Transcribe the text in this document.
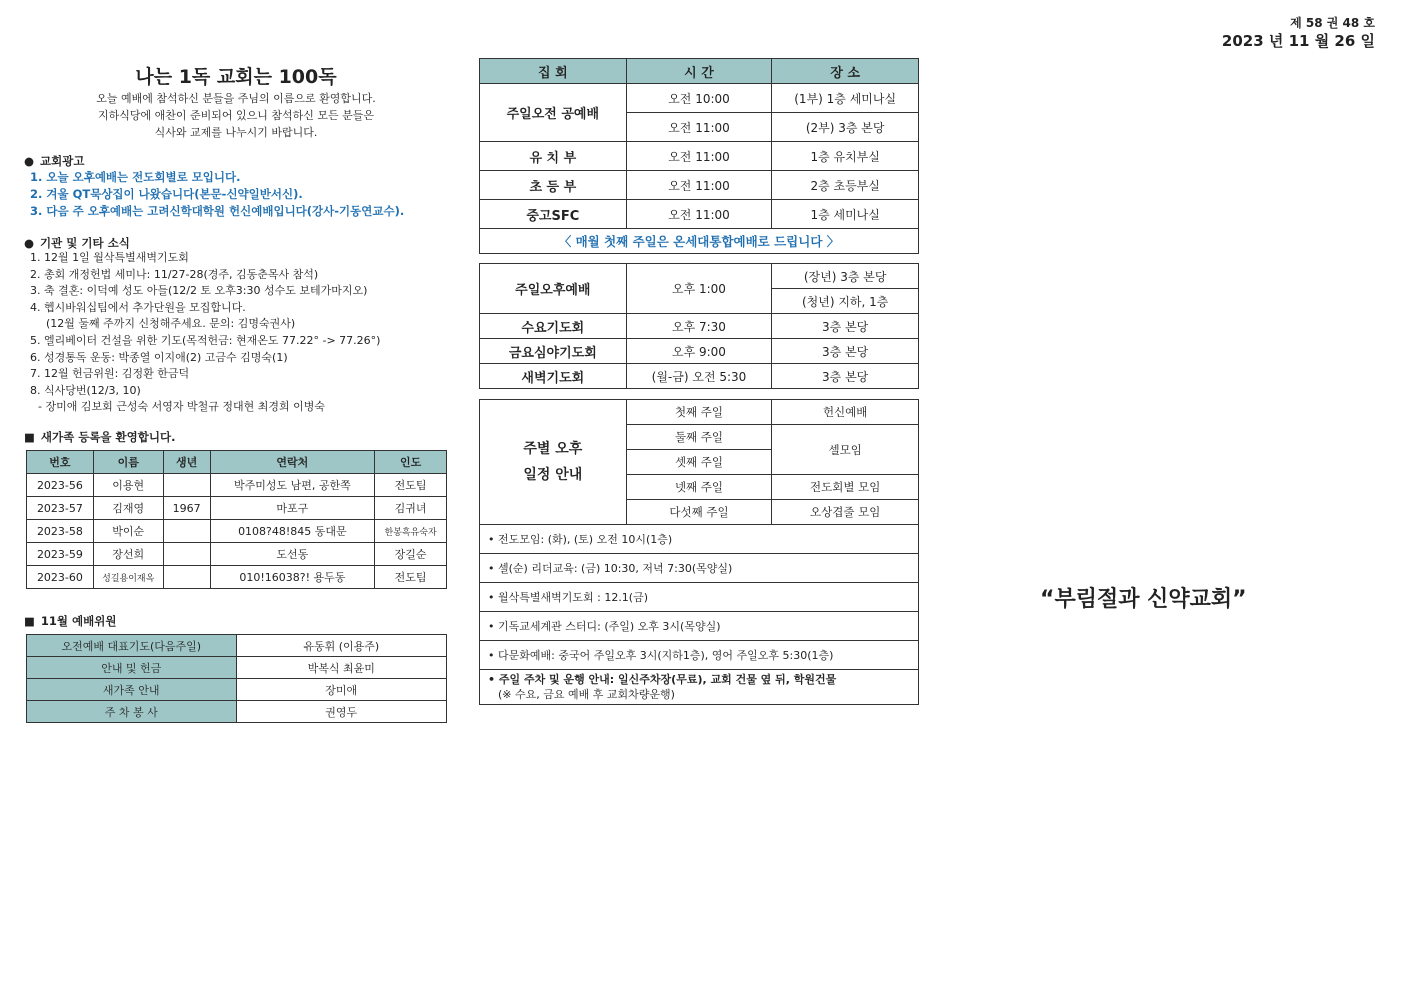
제 58 권 48 호
2023 년 11 월 26 일
나는 1독 교회는 100독
오늘 예배에 참석하신 분들을 주님의 이름으로 환영합니다.
지하식당에 애찬이 준비되어 있으니 참석하신 모든 분들은
식사와 교제를 나누시기 바랍니다.
● 교회광고
1. 오늘 오후예배는 전도회별로 모입니다.
2. 겨울 QT묵상집이 나왔습니다(본문-신약일반서신).
3. 다음 주 오후예배는 고려신학대학원 헌신예배입니다(강사-기동연교수).
● 기관 및 기타 소식
1. 12월 1일 월삭특별새벽기도회
2. 총회 개정헌법 세미나: 11/27-28(경주, 김동춘목사 참석)
3. 축 결혼: 이덕예 성도 아들(12/2 토 오후3:30 성수도 보테가마지오)
4. 헵시바워십팀에서 추가단원을 모집합니다.
(12월 둘째 주까지 신청해주세요. 문의: 김명숙권사)
5. 엘리베이터 건설을 위한 기도(목적헌금: 현재온도 77.22° -> 77.26°)
6. 성경통독 운동: 박종열 이지애(2) 고금수 김명숙(1)
7. 12월 헌금위원: 김정환 한금덕
8. 식사당번(12/3, 10)
- 장미애 김보회 근성숙 서영자 박철규 정대현 최경희 이병숙
■ 새가족 등록을 환영합니다.
번호	이름	생년	연락처	인도
2023-56	이용현		박주미성도 남편, 공한쪽	전도팀
2023-57	김재영	1967	마포구	김귀녀
2023-58	박이순		0108?48!845 동대문	한봉흑유숙자
2023-59	장선희		도선동	장길순
2023-60	성길용이재옥		010!16038?! 용두동	전도팀
■ 11월 예배위원
오전예배 대표기도(다음주일)	유동휘 (이용주)
안내 및 헌금	박복식 최윤미
새가족 안내	장미애
주 차 봉 사	권영두
집 회	시 간	장 소
주일오전 공예배	오전 10:00	(1부) 1층 세미나실
	오전 11:00	(2부) 3층 본당
유 치 부	오전 11:00	1층 유치부실
초 등 부	오전 11:00	2층 초등부실
중고SFC	오전 11:00	1층 세미나실
〈 매월 첫째 주일은 온세대통합예배로 드립니다 〉		
주일오후예배	오후 1:00	(장년) 3층 본당
		(청년) 지하, 1층
수요기도회	오후 7:30	3층 본당
금요심야기도회	오후 9:00	3층 본당
새벽기도회	(월-금) 오전 5:30	3층 본당
주별 오후
일정 안내	첫째 주일	헌신예배
	둘째 주일	셀모임
	셋째 주일	
	넷째 주일	전도회별 모임
	다섯째 주일	오상겹줄 모임
• 전도모임: (화), (토) 오전 10시(1층)		
• 셀(순) 리더교육: (금) 10:30, 저녁 7:30(목양실)		
• 월삭특별새벽기도회 : 12.1(금)		
• 기독교세계관 스터디: (주일) 오후 3시(목양실)		
• 다문화예배: 중국어 주일오후 3시(지하1층), 영어 주일오후 5:30(1층)		

• 주일 주차 및 운행 안내: 일신주차장(무료), 교회 건물 옆 뒤, 학원건물
(※ 수요, 금요 예배 후 교회차량운행)		
“부림절과 신약교회”
